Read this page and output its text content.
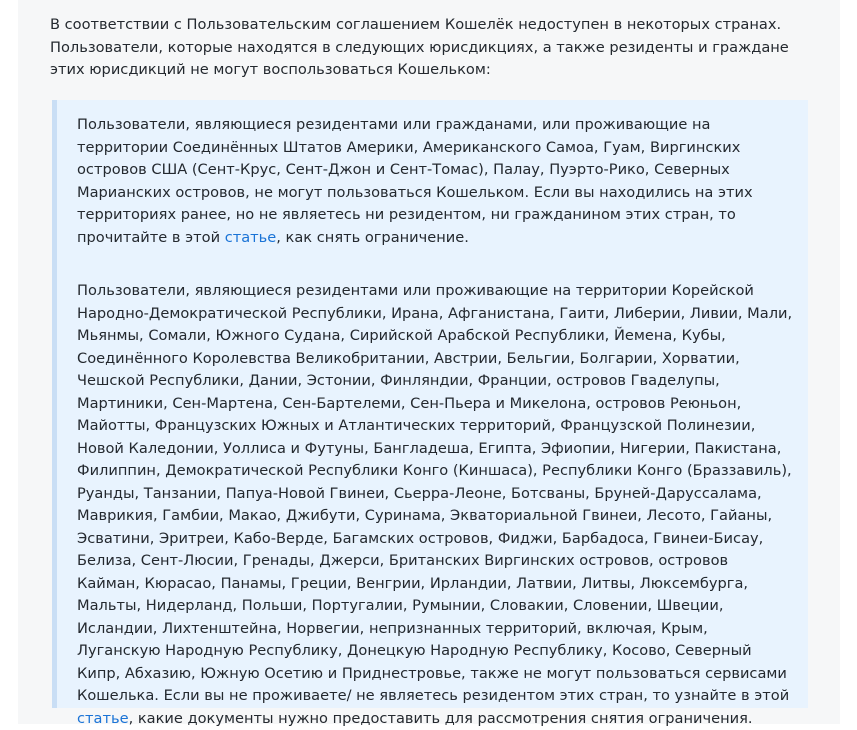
В соответствии с Пользовательским соглашением Кошелёк недоступен в некоторых странах. Пользователи, которые находятся в следующих юрисдикциях, а также резиденты и граждане этих юрисдикций не могут воспользоваться Кошельком:

Пользователи, являющиеся резидентами или гражданами, или проживающие на территории Соединённых Штатов Америки, Американского Самоа, Гуам, Виргинских островов США (Сент-Крус, Сент-Джон и Сент-Томас), Палау, Пуэрто-Рико, Северных Марианских островов, не могут пользоваться Кошельком. Если вы находились на этих территориях ранее, но не являетесь ни резидентом, ни гражданином этих стран, то прочитайте в этой статье, как снять ограничение.

Пользователи, являющиеся резидентами или проживающие на территории Корейской Народно-Демократической Республики, Ирана, Афганистана, Гаити, Либерии, Ливии, Мали, Мьянмы, Сомали, Южного Судана, Сирийской Арабской Республики, Йемена, Кубы, Соединённого Королевства Великобритании, Австрии, Бельгии, Болгарии, Хорватии, Чешской Республики, Дании, Эстонии, Финляндии, Франции, островов Гваделупы, Мартиники, Сен-Мартена, Сен-Бартелеми, Сен-Пьера и Микелона, островов Реюньон, Майотты, Французских Южных и Атлантических территорий, Французской Полинезии, Новой Каледонии, Уоллиса и Футуны, Бангладеша, Египта, Эфиопии, Нигерии, Пакистана, Филиппин, Демократической Республики Конго (Киншаса), Республики Конго (Браззавиль), Руанды, Танзании, Папуа-Новой Гвинеи, Сьерра-Леоне, Ботсваны, Бруней-Даруссалама, Маврикия, Гамбии, Макао, Джибути, Суринама, Экваториальной Гвинеи, Лесото, Гайаны, Эсватини, Эритреи, Кабо-Верде, Багамских островов, Фиджи, Барбадоса, Гвинеи-Бисау, Белиза, Сент-Люсии, Гренады, Джерси, Британских Виргинских островов, островов Кайман, Кюрасао, Панамы, Греции, Венгрии, Ирландии, Латвии, Литвы, Люксембурга, Мальты, Нидерланд, Польши, Португалии, Румынии, Словакии, Словении, Швеции, Исландии, Лихтенштейна, Норвегии, непризнанных территорий, включая, Крым, Луганскую Народную Республику, Донецкую Народную Республику, Косово, Северный Кипр, Абхазию, Южную Осетию и Приднестровье, также не могут пользоваться сервисами Кошелька. Если вы не проживаете/ не являетесь резидентом этих стран, то узнайте в этой статье, какие документы нужно предоставить для рассмотрения снятия ограничения.
